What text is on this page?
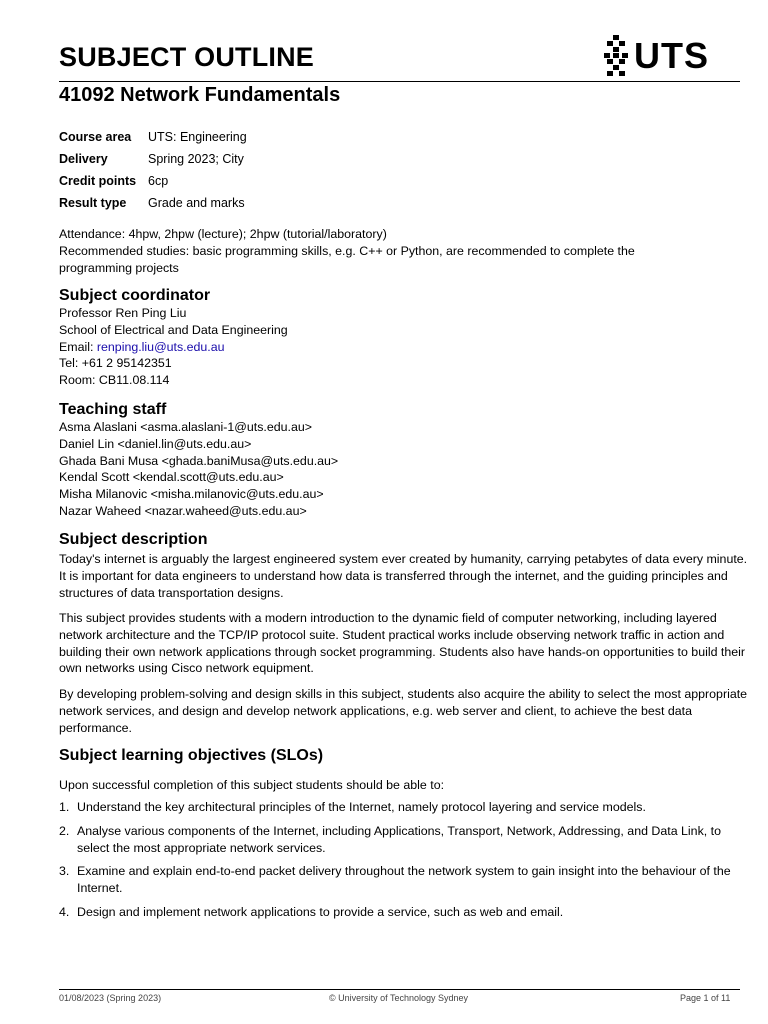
SUBJECT OUTLINE	UTS
41092 Network Fundamentals
Course area	UTS: Engineering
Delivery	Spring 2023; City
Credit points 6cp
Result type	Grade and marks
Attendance: 4hpw, 2hpw (lecture); 2hpw (tutorial/laboratory)
Recommended studies: basic programming skills, e.g. C++ or Python, are recommended to complete the programming projects
Subject coordinator
Professor Ren Ping Liu
School of Electrical and Data Engineering
Email: renping.liu@uts.edu.au
Tel: +61 2 95142351
Room: CB11.08.114
Teaching staff
Asma Alaslani <asma.alaslani-1@uts.edu.au>
Daniel Lin <daniel.lin@uts.edu.au>
Ghada Bani Musa <ghada.baniMusa@uts.edu.au>
Kendal Scott <kendal.scott@uts.edu.au>
Misha Milanovic <misha.milanovic@uts.edu.au>
Nazar Waheed <nazar.waheed@uts.edu.au>
Subject description
Today's internet is arguably the largest engineered system ever created by humanity, carrying petabytes of data every minute. It is important for data engineers to understand how data is transferred through the internet, and the guiding principles and structures of data transportation designs.
This subject provides students with a modern introduction to the dynamic field of computer networking, including layered network architecture and the TCP/IP protocol suite. Student practical works include observing network traffic in action and building their own network applications through socket programming. Students also have hands-on opportunities to build their own networks using Cisco network equipment.
By developing problem-solving and design skills in this subject, students also acquire the ability to select the most appropriate network services, and design and develop network applications, e.g. web server and client, to achieve the best data performance.
Subject learning objectives (SLOs)
Upon successful completion of this subject students should be able to:
1. Understand the key architectural principles of the Internet, namely protocol layering and service models.
2. Analyse various components of the Internet, including Applications, Transport, Network, Addressing, and Data Link, to select the most appropriate network services.
3. Examine and explain end-to-end packet delivery throughout the network system to gain insight into the behaviour of the Internet.
4. Design and implement network applications to provide a service, such as web and email.
01/08/2023 (Spring 2023)	© University of Technology Sydney	Page 1 of 11
